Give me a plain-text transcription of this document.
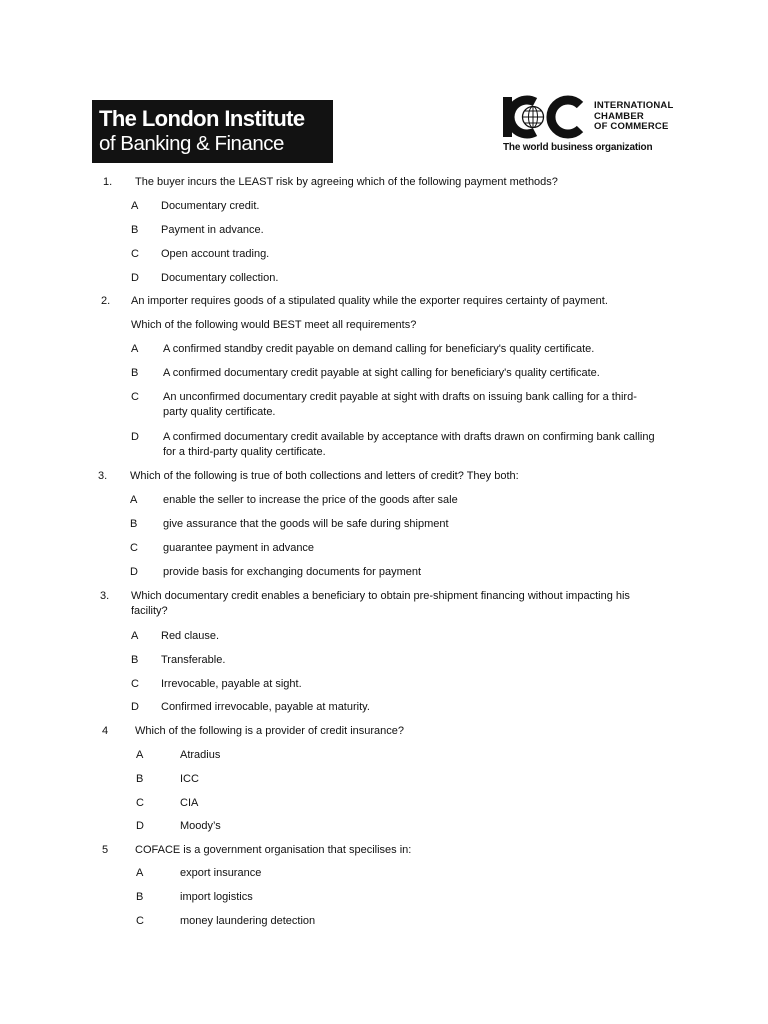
The London Institute
of Banking & Finance
INTERNATIONAL
CHAMBER
OF COMMERCE
The world business organization
1. The buyer incurs the LEAST risk by agreeing which of the following payment methods?
A Documentary credit.
B Payment in advance.
C Open account trading.
D Documentary collection.
2. An importer requires goods of a stipulated quality while the exporter requires certainty of payment.
Which of the following would BEST meet all requirements?
A A confirmed standby credit payable on demand calling for beneficiary's quality certificate.
B A confirmed documentary credit payable at sight calling for beneficiary's quality certificate.
C An unconfirmed documentary credit payable at sight with drafts on issuing bank calling for a third-party quality certificate.
D A confirmed documentary credit available by acceptance with drafts drawn on confirming bank calling for a third-party quality certificate.
3. Which of the following is true of both collections and letters of credit? They both:
A enable the seller to increase the price of the goods after sale
B give assurance that the goods will be safe during shipment
C guarantee payment in advance
D provide basis for exchanging documents for payment
3. Which documentary credit enables a beneficiary to obtain pre-shipment financing without impacting his facility?
A Red clause.
B Transferable.
C Irrevocable, payable at sight.
D Confirmed irrevocable, payable at maturity.
4 Which of the following is a provider of credit insurance?
A	Atradius
B	ICC
C	CIA
D	Moody’s
5 COFACE is a government organisation that specilises in:
A	export insurance
B	import logistics
C	money laundering detection
